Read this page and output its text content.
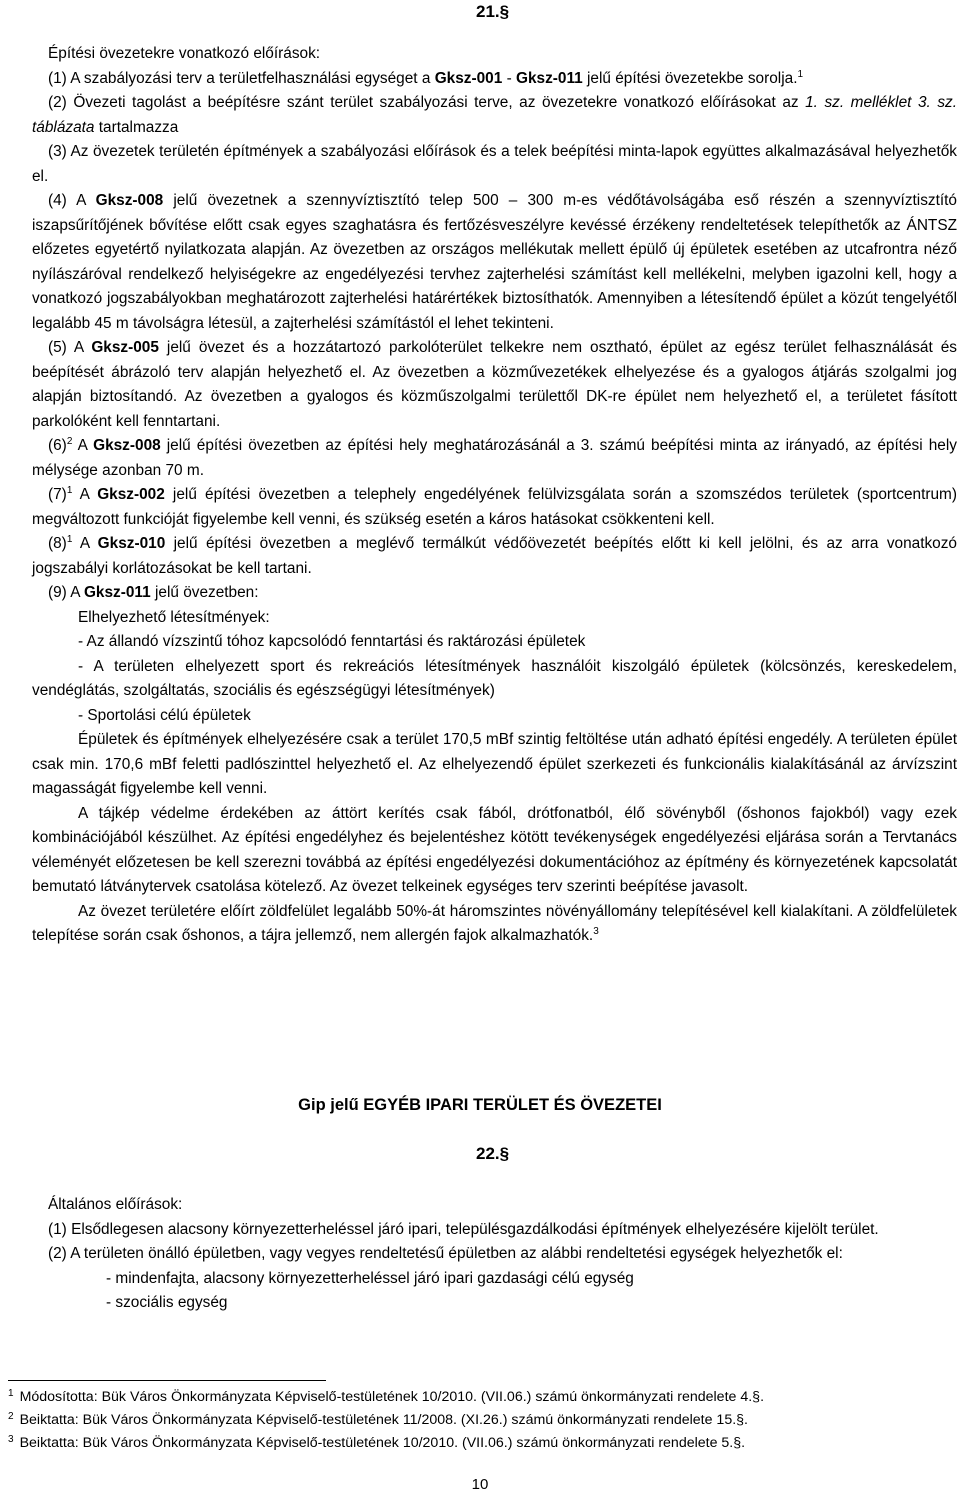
21.§

Építési övezetekre vonatkozó előírások:

(1) A szabályozási terv a területfelhasználási egységet a Gksz-001 - Gksz-011 jelű építési övezetekbe sorolja.$^1$

(2) Övezeti tagolást a beépítésre szánt terület szabályozási terve, az övezetekre vonatkozó előírásokat az 1. sz. melléklet 3. sz. táblázata tartalmazza

(3) Az övezetek területén építmények a szabályozási előírások és a telek beépítési minta-lapok együttes alkalmazásával helyezhetők el.

(4) A Gksz-008 jelű övezetnek a szennyvíztisztító telep 500 – 300 m-es védőtávolságába eső részén a szennyvíztisztító iszapsűrítőjének bővítése előtt csak egyes szaghatásra és fertőzésveszélyre kevéssé érzékeny rendeltetések telepíthetők az ÁNTSZ előzetes egyetértő nyilatkozata alapján. Az övezetben az országos mellékutak mellett épülő új épületek esetében az utcafrontra néző nyílászáróval rendelkező helyiségekre az engedélyezési tervhez zajterhelési számítást kell mellékelni, melyben igazolni kell, hogy a vonatkozó jogszabályokban meghatározott zajterhelési határértékek biztosíthatók. Amennyiben a létesítendő épület a közút tengelyétől legalább 45 m távolságra létesül, a zajterhelési számítástól el lehet tekinteni.

(5) A Gksz-005 jelű övezet és a hozzátartozó parkolóterület telkekre nem osztható, épület az egész terület felhasználását és beépítését ábrázoló terv alapján helyezhető el. Az övezetben a közművezetékek elhelyezése és a gyalogos átjárás szolgalmi jog alapján biztosítandó. Az övezetben a gyalogos és közműszolgalmi területtől DK-re épület nem helyezhető el, a területet fásított parkolóként kell fenntartani.

$(6)^2$ A Gksz-008 jelű építési övezetben az építési hely meghatározásánál a 3. számú beépítési minta az irányadó, az építési hely mélysége azonban 70 m.

$(7)^1$ A Gksz-002 jelű építési övezetben a telephely engedélyének felülvizsgálata során a szomszédos területek (sportcentrum) megváltozott funkcióját figyelembe kell venni, és szükség esetén a káros hatásokat csökkenteni kell.

$(8)^1$ A Gksz-010 jelű építési övezetben a meglévő termálkút védőövezetét beépítés előtt ki kell jelölni, és az arra vonatkozó jogszabályi korlátozásokat be kell tartani.

(9) A Gksz-011 jelű övezetben:

Elhelyezhető létesítmények:

- Az állandó vízszintű tóhoz kapcsolódó fenntartási és raktározási épületek

- A területen elhelyezett sport és rekreációs létesítmények használóit kiszolgáló épületek (kölcsönzés, kereskedelem, vendéglátás, szolgáltatás, szociális és egészségügyi létesítmények)

- Sportolási célú épületek

Épületek és építmények elhelyezésére csak a terület 170,5 mBf szintig feltöltése után adható építési engedély. A területen épület csak min. 170,6 mBf feletti padlószinttel helyezhető el. Az elhelyezendő épület szerkezeti és funkcionális kialakításánál az árvízszint magasságát figyelembe kell venni.

A tájkép védelme érdekében az áttört kerítés csak fából, drótfonatból, élő sövényből (őshonos fajokból) vagy ezek kombinációjából készülhet. Az építési engedélyhez és bejelentéshez kötött tevékenységek engedélyezési eljárása során a Tervtanács véleményét előzetesen be kell szerezni továbbá az építési engedélyezési dokumentációhoz az építmény és környezetének kapcsolatát bemutató látványtervek csatolása kötelező. Az övezet telkeinek egységes terv szerinti beépítése javasolt.

Az övezet területére előírt zöldfelület legalább 50%-át háromszintes növényállomány telepítésével kell kialakítani. A zöldfelületek telepítése során csak őshonos, a tájra jellemző, nem allergén fajok alkalmazhatók.$^3$

Gip jelű EGYÉB IPARI TERÜLET ÉS ÖVEZETEI
22.§

Általános előírások:

(1) Elsődlegesen alacsony környezetterheléssel járó ipari, településgazdálkodási építmények elhelyezésére kijelölt terület.

(2) A területen önálló épületben, vagy vegyes rendeltetésű épületben az alábbi rendeltetési egységek helyezhetők el:

- mindenfajta, alacsony környezetterheléssel járó ipari gazdasági célú egység

- szociális egység

$^1$ Módosította: Bük Város Önkormányzata Képviselő-testületének 10/2010. (VII.06.) számú önkormányzati rendelete 4.§.

$^2$ Beiktatta: Bük Város Önkormányzata Képviselő-testületének 11/2008. (XI.26.) számú önkormányzati rendelete 15.§.

$^3$ Beiktatta: Bük Város Önkormányzata Képviselő-testületének 10/2010. (VII.06.) számú önkormányzati rendelete 5.§.

10
